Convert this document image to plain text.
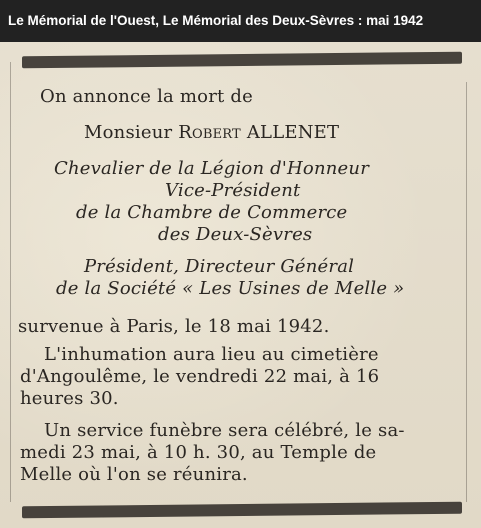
Le Mémorial de l'Ouest, Le Mémorial des Deux-Sèvres : mai 1942
On annonce la mort de
Monsieur Robert ALLENET
Chevalier de la Légion d'Honneur
Vice-Président
de la Chambre de Commerce
des Deux-Sèvres
Président, Directeur Général
de la Société « Les Usines de Melle »
survenue à Paris, le 18 mai 1942.
L'inhumation aura lieu au cimetière
d'Angoulême, le vendredi 22 mai, à 16
heures 30.
Un service funèbre sera célébré, le sa-
medi 23 mai, à 10 h. 30, au Temple de
Melle où l'on se réunira.
